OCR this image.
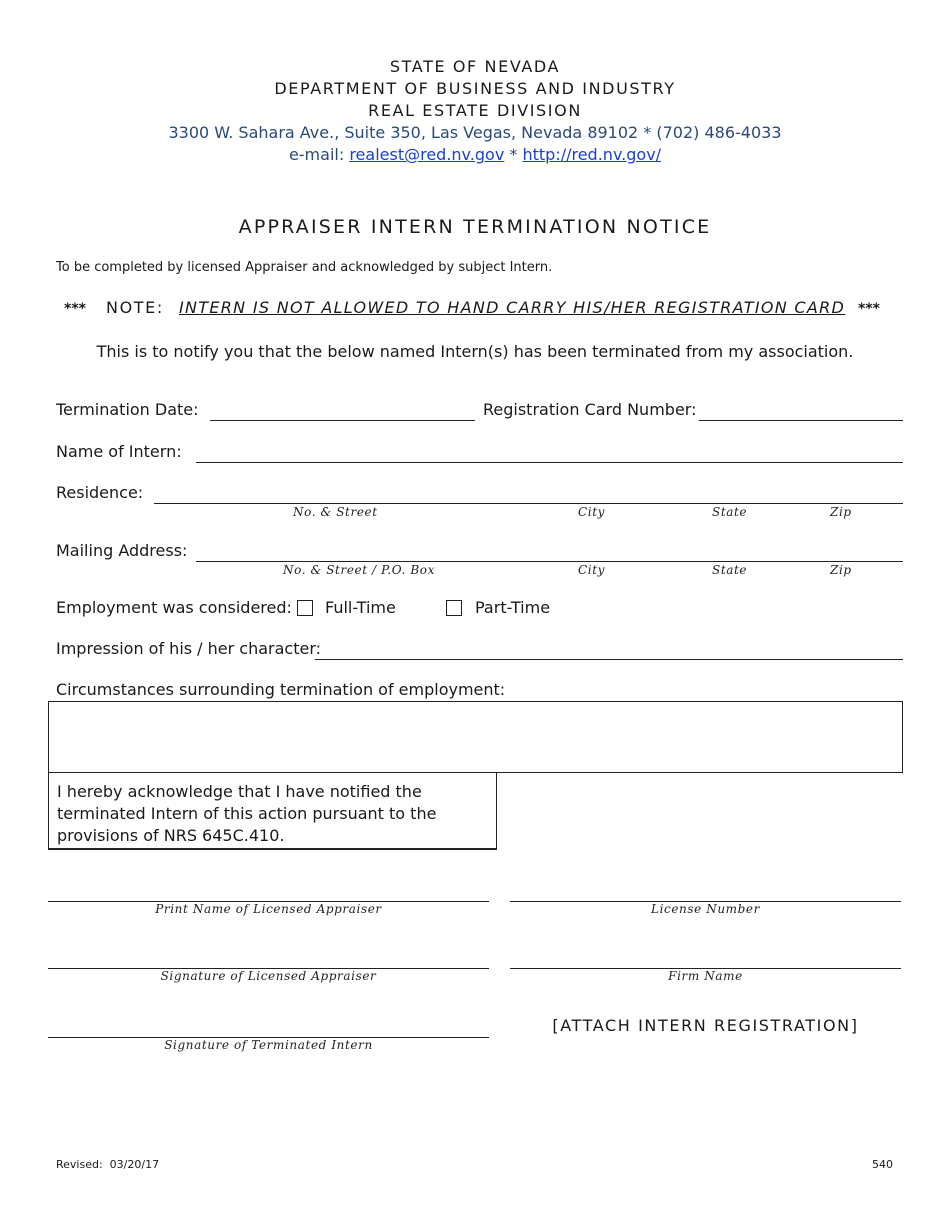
STATE OF NEVADA
DEPARTMENT OF BUSINESS AND INDUSTRY
REAL ESTATE DIVISION
3300 W. Sahara Ave., Suite 350, Las Vegas, Nevada 89102 * (702) 486-4033
e-mail: realest@red.nv.gov * http://red.nv.gov/
APPRAISER INTERN TERMINATION NOTICE
To be completed by licensed Appraiser and acknowledged by subject Intern.
*** NOTE: INTERN IS NOT ALLOWED TO HAND CARRY HIS/HER REGISTRATION CARD ***
This is to notify you that the below named Intern(s) has been terminated from my association.
Termination Date:	Registration Card Number:
Name of Intern:
Residence:
No. & Street	City	State	Zip
Mailing Address:
No. & Street / P.O. Box	City	State	Zip
Employment was considered: Full-Time	Part-Time
Impression of his / her character:
Circumstances surrounding termination of employment:
I hereby acknowledge that I have notified the terminated Intern of this action pursuant to the provisions of NRS 645C.410.
Print Name of Licensed Appraiser	License Number
Signature of Licensed Appraiser	Firm Name
[ATTACH INTERN REGISTRATION]
Signature of Terminated Intern
Revised:  03/20/17	540
